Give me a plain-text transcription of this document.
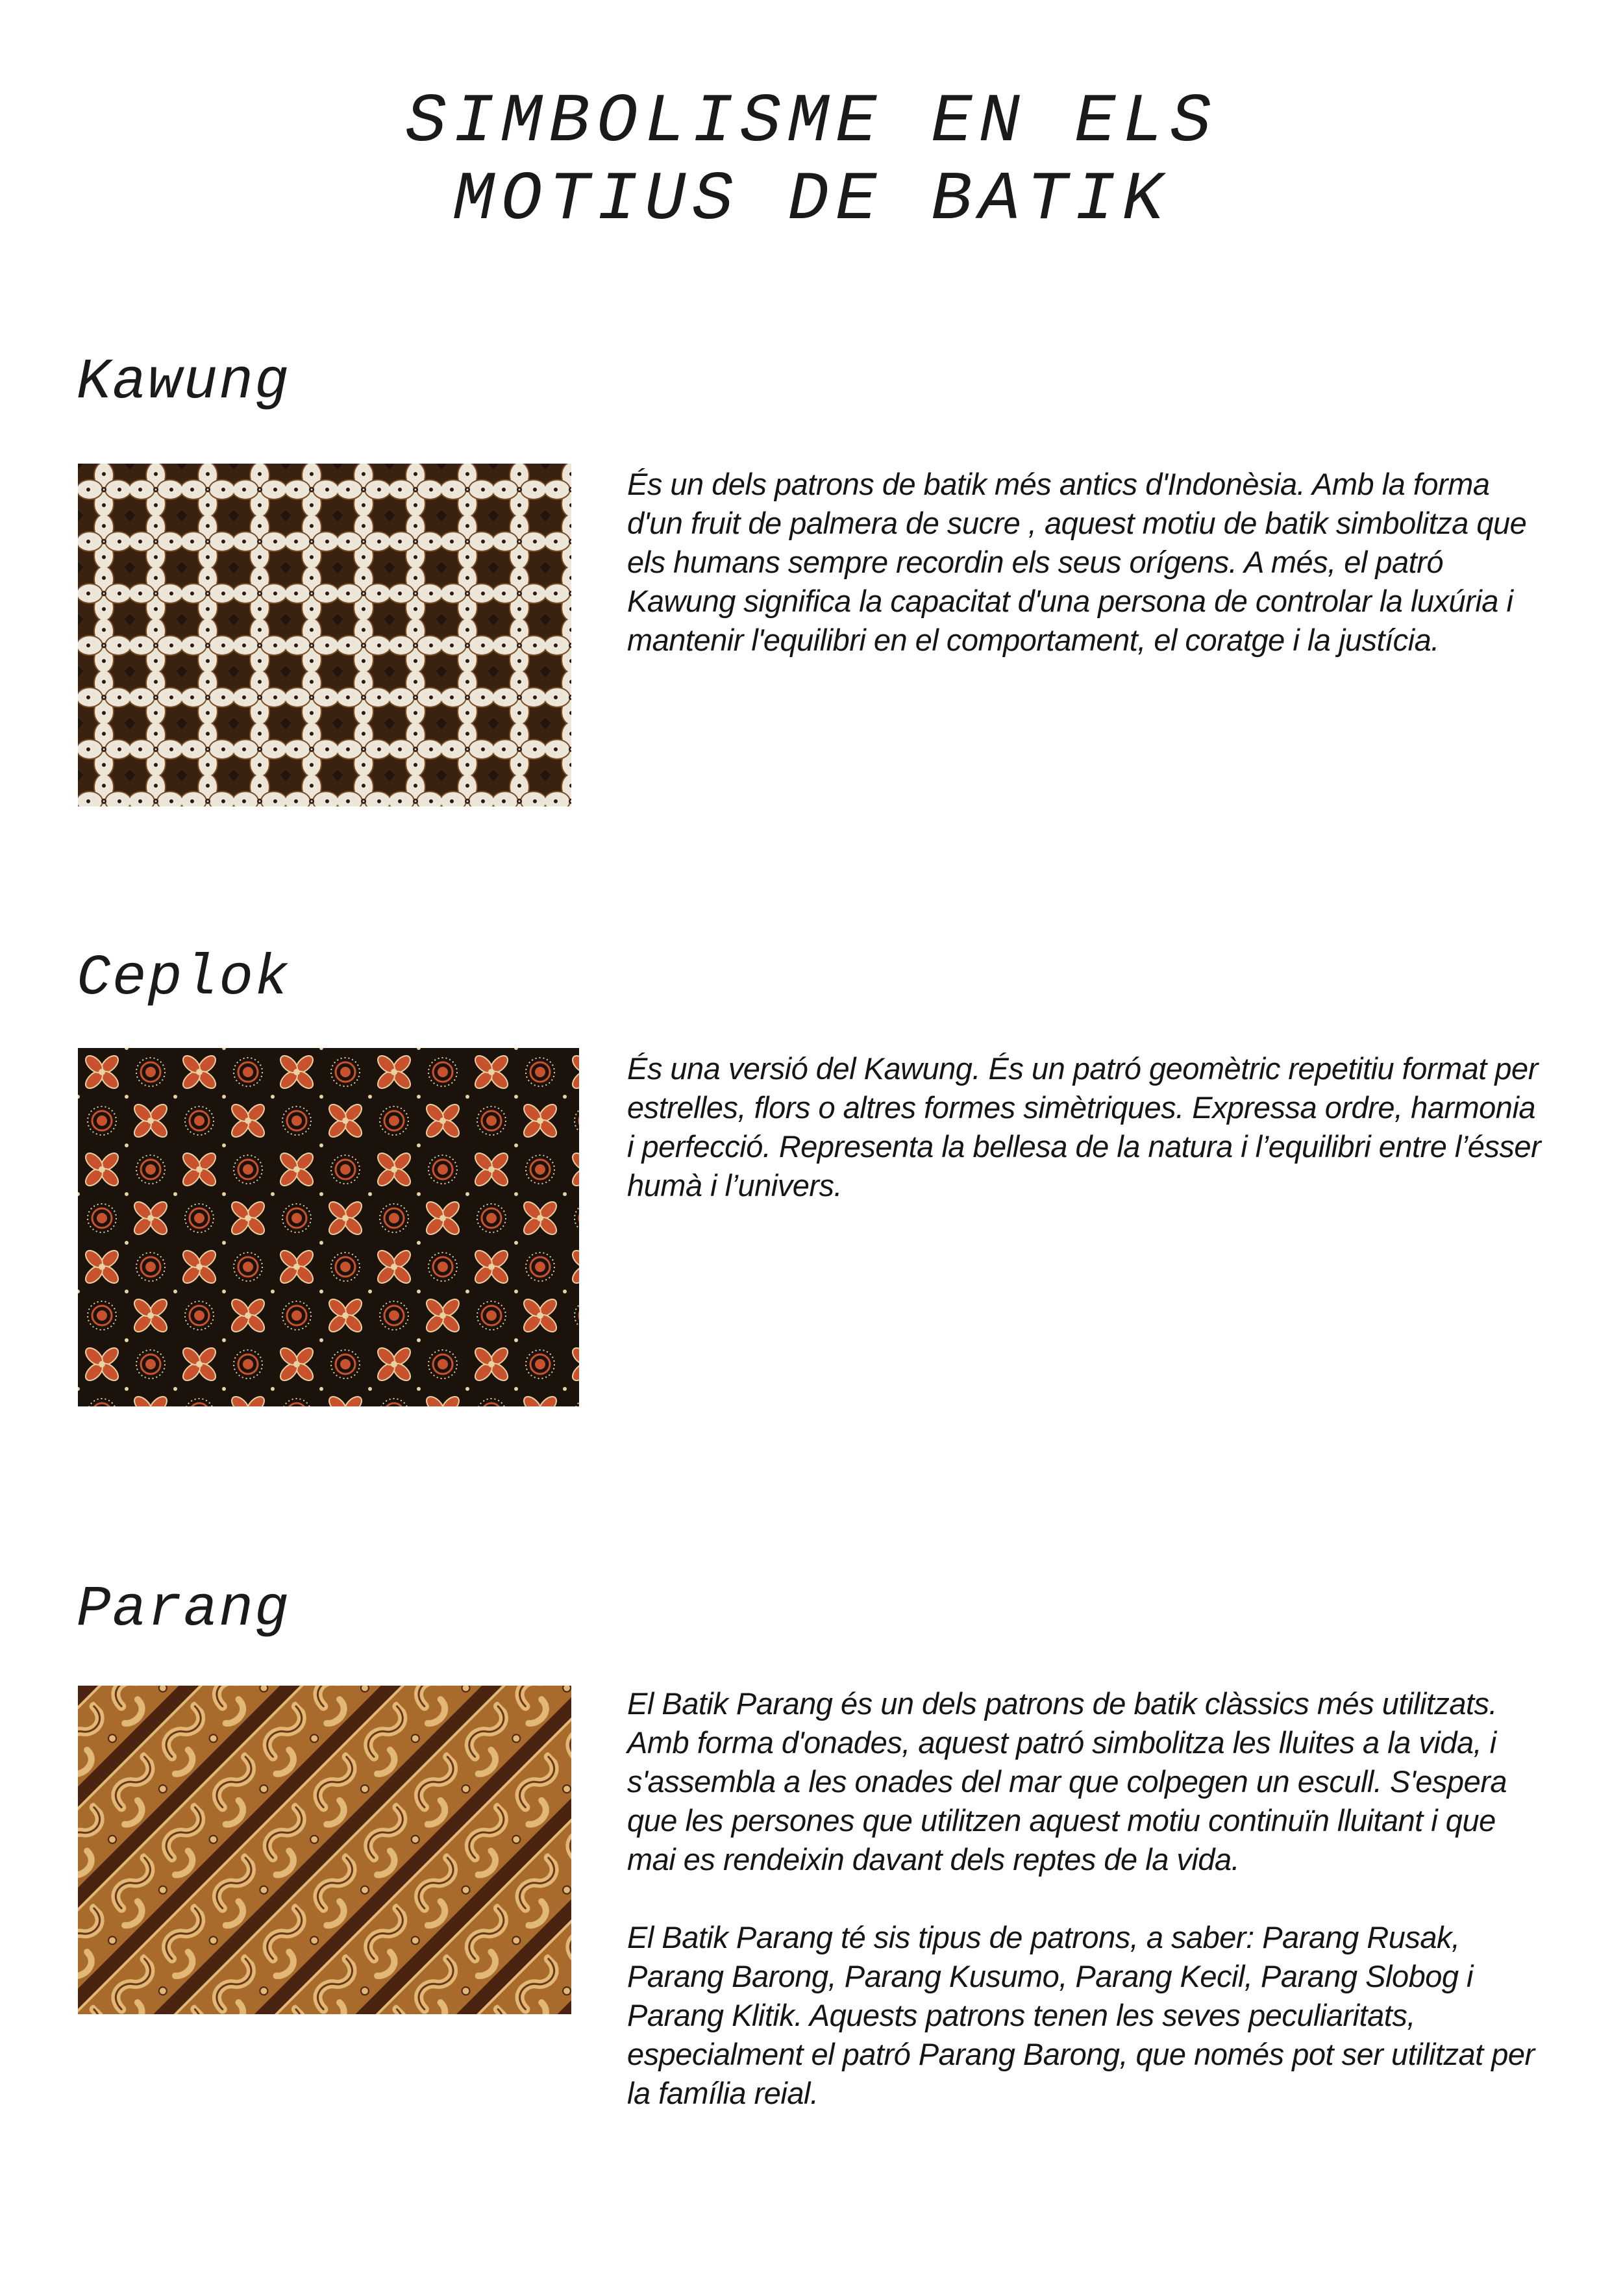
SIMBOLISME EN ELS
MOTIUS DE BATIK
Kawung

És un dels patrons de batik més antics d'Indonèsia. Amb la forma d'un fruit de palmera de sucre , aquest motiu de batik simbolitza que els humans sempre recordin els seus orígens. A més, el patró Kawung significa la capacitat d'una persona de controlar la luxúria i mantenir l'equilibri en el comportament, el coratge i la justícia.

Ceplok

És una versió del Kawung. És un patró geomètric repetitiu format per estrelles, flors o altres formes simètriques. Expressa ordre, harmonia i perfecció. Representa la bellesa de la natura i l’equilibri entre l’ésser humà i l’univers.

Parang

El Batik Parang és un dels patrons de batik clàssics més utilitzats. Amb forma d'onades, aquest patró simbolitza les lluites a la vida, i s'assembla a les onades del mar que colpegen un escull. S'espera que les persones que utilitzen aquest motiu continuïn lluitant i que mai es rendeixin davant dels reptes de la vida.

El Batik Parang té sis tipus de patrons, a saber: Parang Rusak, Parang Barong, Parang Kusumo, Parang Kecil, Parang Slobog i Parang Klitik. Aquests patrons tenen les seves peculiaritats, especialment el patró Parang Barong, que només pot ser utilitzat per la família reial.
